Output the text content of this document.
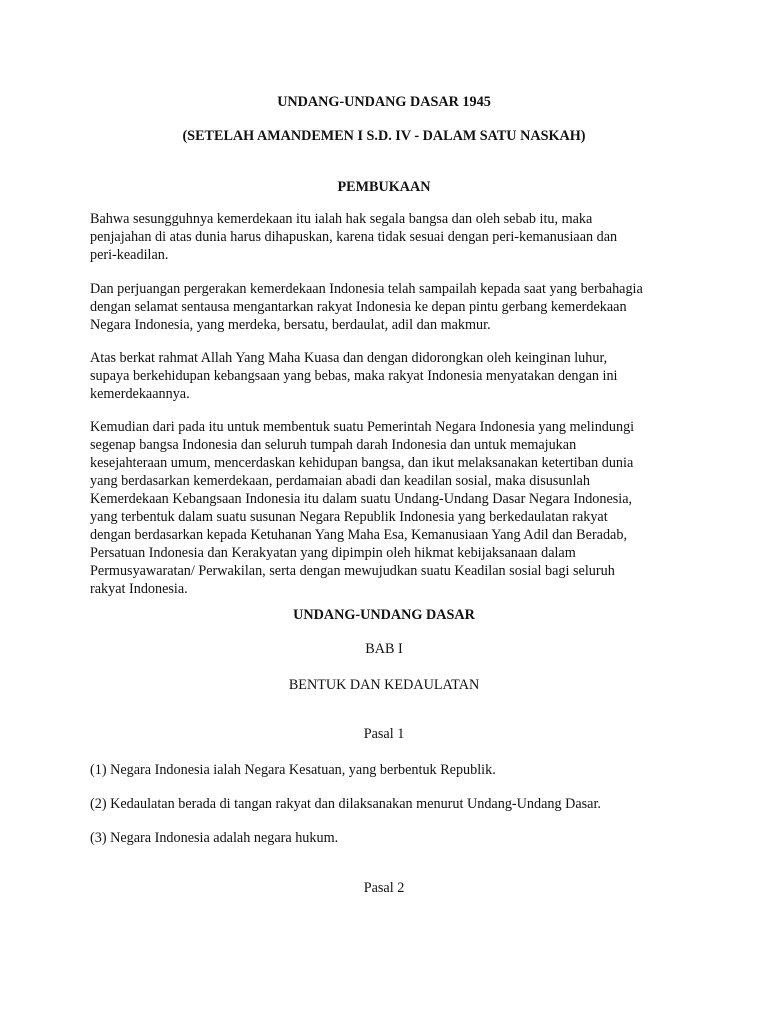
UNDANG-UNDANG DASAR 1945
(SETELAH AMANDEMEN I S.D. IV - DALAM SATU NASKAH)
PEMBUKAAN
Bahwa sesungguhnya kemerdekaan itu ialah hak segala bangsa dan oleh sebab itu, maka
penjajahan di atas dunia harus dihapuskan, karena tidak sesuai dengan peri-kemanusiaan dan
peri-keadilan.
Dan perjuangan pergerakan kemerdekaan Indonesia telah sampailah kepada saat yang berbahagia
dengan selamat sentausa mengantarkan rakyat Indonesia ke depan pintu gerbang kemerdekaan
Negara Indonesia, yang merdeka, bersatu, berdaulat, adil dan makmur.
Atas berkat rahmat Allah Yang Maha Kuasa dan dengan didorongkan oleh keinginan luhur,
supaya berkehidupan kebangsaan yang bebas, maka rakyat Indonesia menyatakan dengan ini
kemerdekaannya.
Kemudian dari pada itu untuk membentuk suatu Pemerintah Negara Indonesia yang melindungi
segenap bangsa Indonesia dan seluruh tumpah darah Indonesia dan untuk memajukan
kesejahteraan umum, mencerdaskan kehidupan bangsa, dan ikut melaksanakan ketertiban dunia
yang berdasarkan kemerdekaan, perdamaian abadi dan keadilan sosial, maka disusunlah
Kemerdekaan Kebangsaan Indonesia itu dalam suatu Undang-Undang Dasar Negara Indonesia,
yang terbentuk dalam suatu susunan Negara Republik Indonesia yang berkedaulatan rakyat
dengan berdasarkan kepada Ketuhanan Yang Maha Esa, Kemanusiaan Yang Adil dan Beradab,
Persatuan Indonesia dan Kerakyatan yang dipimpin oleh hikmat kebijaksanaan dalam
Permusyawaratan/ Perwakilan, serta dengan mewujudkan suatu Keadilan sosial bagi seluruh
rakyat Indonesia.
UNDANG-UNDANG DASAR
BAB I
BENTUK DAN KEDAULATAN
Pasal 1
(1) Negara Indonesia ialah Negara Kesatuan, yang berbentuk Republik.
(2) Kedaulatan berada di tangan rakyat dan dilaksanakan menurut Undang-Undang Dasar.
(3) Negara Indonesia adalah negara hukum.
Pasal 2
